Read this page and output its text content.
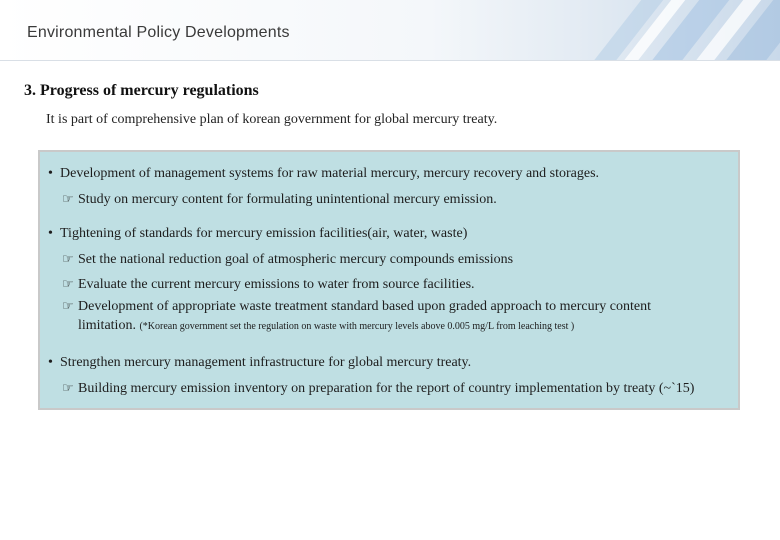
Environmental Policy Developments
3. Progress of mercury regulations
It is part of comprehensive plan of korean government for global mercury treaty.
• Development of management systems for raw material mercury, mercury recovery and storages.
☞ Study on mercury content for formulating unintentional mercury emission.
• Tightening of standards for mercury emission facilities(air, water, waste)
☞ Set the national reduction goal of atmospheric mercury compounds emissions
☞ Evaluate the current mercury emissions to water from source facilities.
☞ Development of appropriate waste treatment standard based upon graded approach to mercury content
limitation. (*Korean government set the regulation on waste with mercury levels above 0.005 mg/L from leaching test )
• Strengthen mercury management infrastructure for global mercury treaty.
☞ Building mercury emission inventory on preparation for the report of country implementation by treaty (~`15)
